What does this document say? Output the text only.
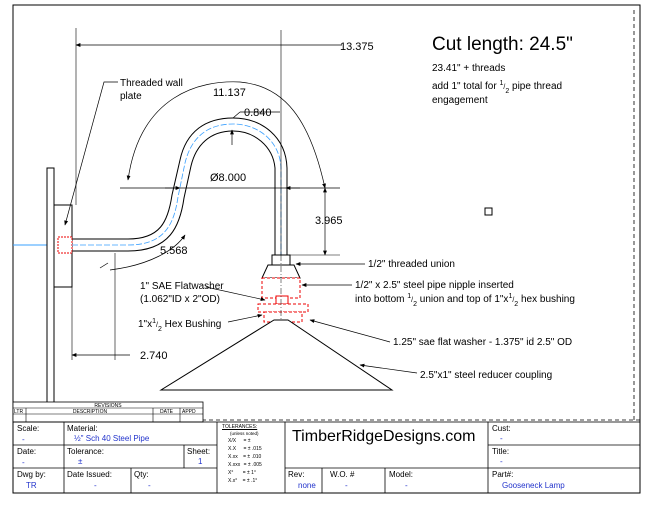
Cut length: 24.5"
23.41" + threads
add 1" total for $^1_{/2}$ pipe thread
engagement
13.375
11.137
0.840
Ø8.000
3.965
5.568
2.740
Threaded wall
plate
1/2" threaded union
1/2" x 2.5" steel pipe nipple inserted
into bottom $^1_{/2}$ union and top of $1"x^1_{/2}$ hex bushing
1" SAE Flatwasher
(1.062"ID x 2"OD)
$1"x^1_{/2}$ Hex Bushing
1.25" sae flat washer - 1.375" id 2.5" OD
2.5"x1" steel reducer coupling
REVISIONS
LTR	DESCRIPTION	DATE APPD
Scale:
-
Material:
½" Sch 40 Steel Pipe
Date:
-
Tolerance:
±
Sheet:
1
Dwg by:
TR
Date Issued:
-
Qty:
-
TOLERANCES:
(unless noted)
X/X = ±
X.X = ± .015
X.xx = ± .010
X.xxx = ± .005
X° = ± 1°
X.x° = ± .1°
TimberRidgeDesigns.com
Rev:
none
W.O. #
-
Model:
-
Cust:
-
Title:
-
Part#:
Gooseneck Lamp
